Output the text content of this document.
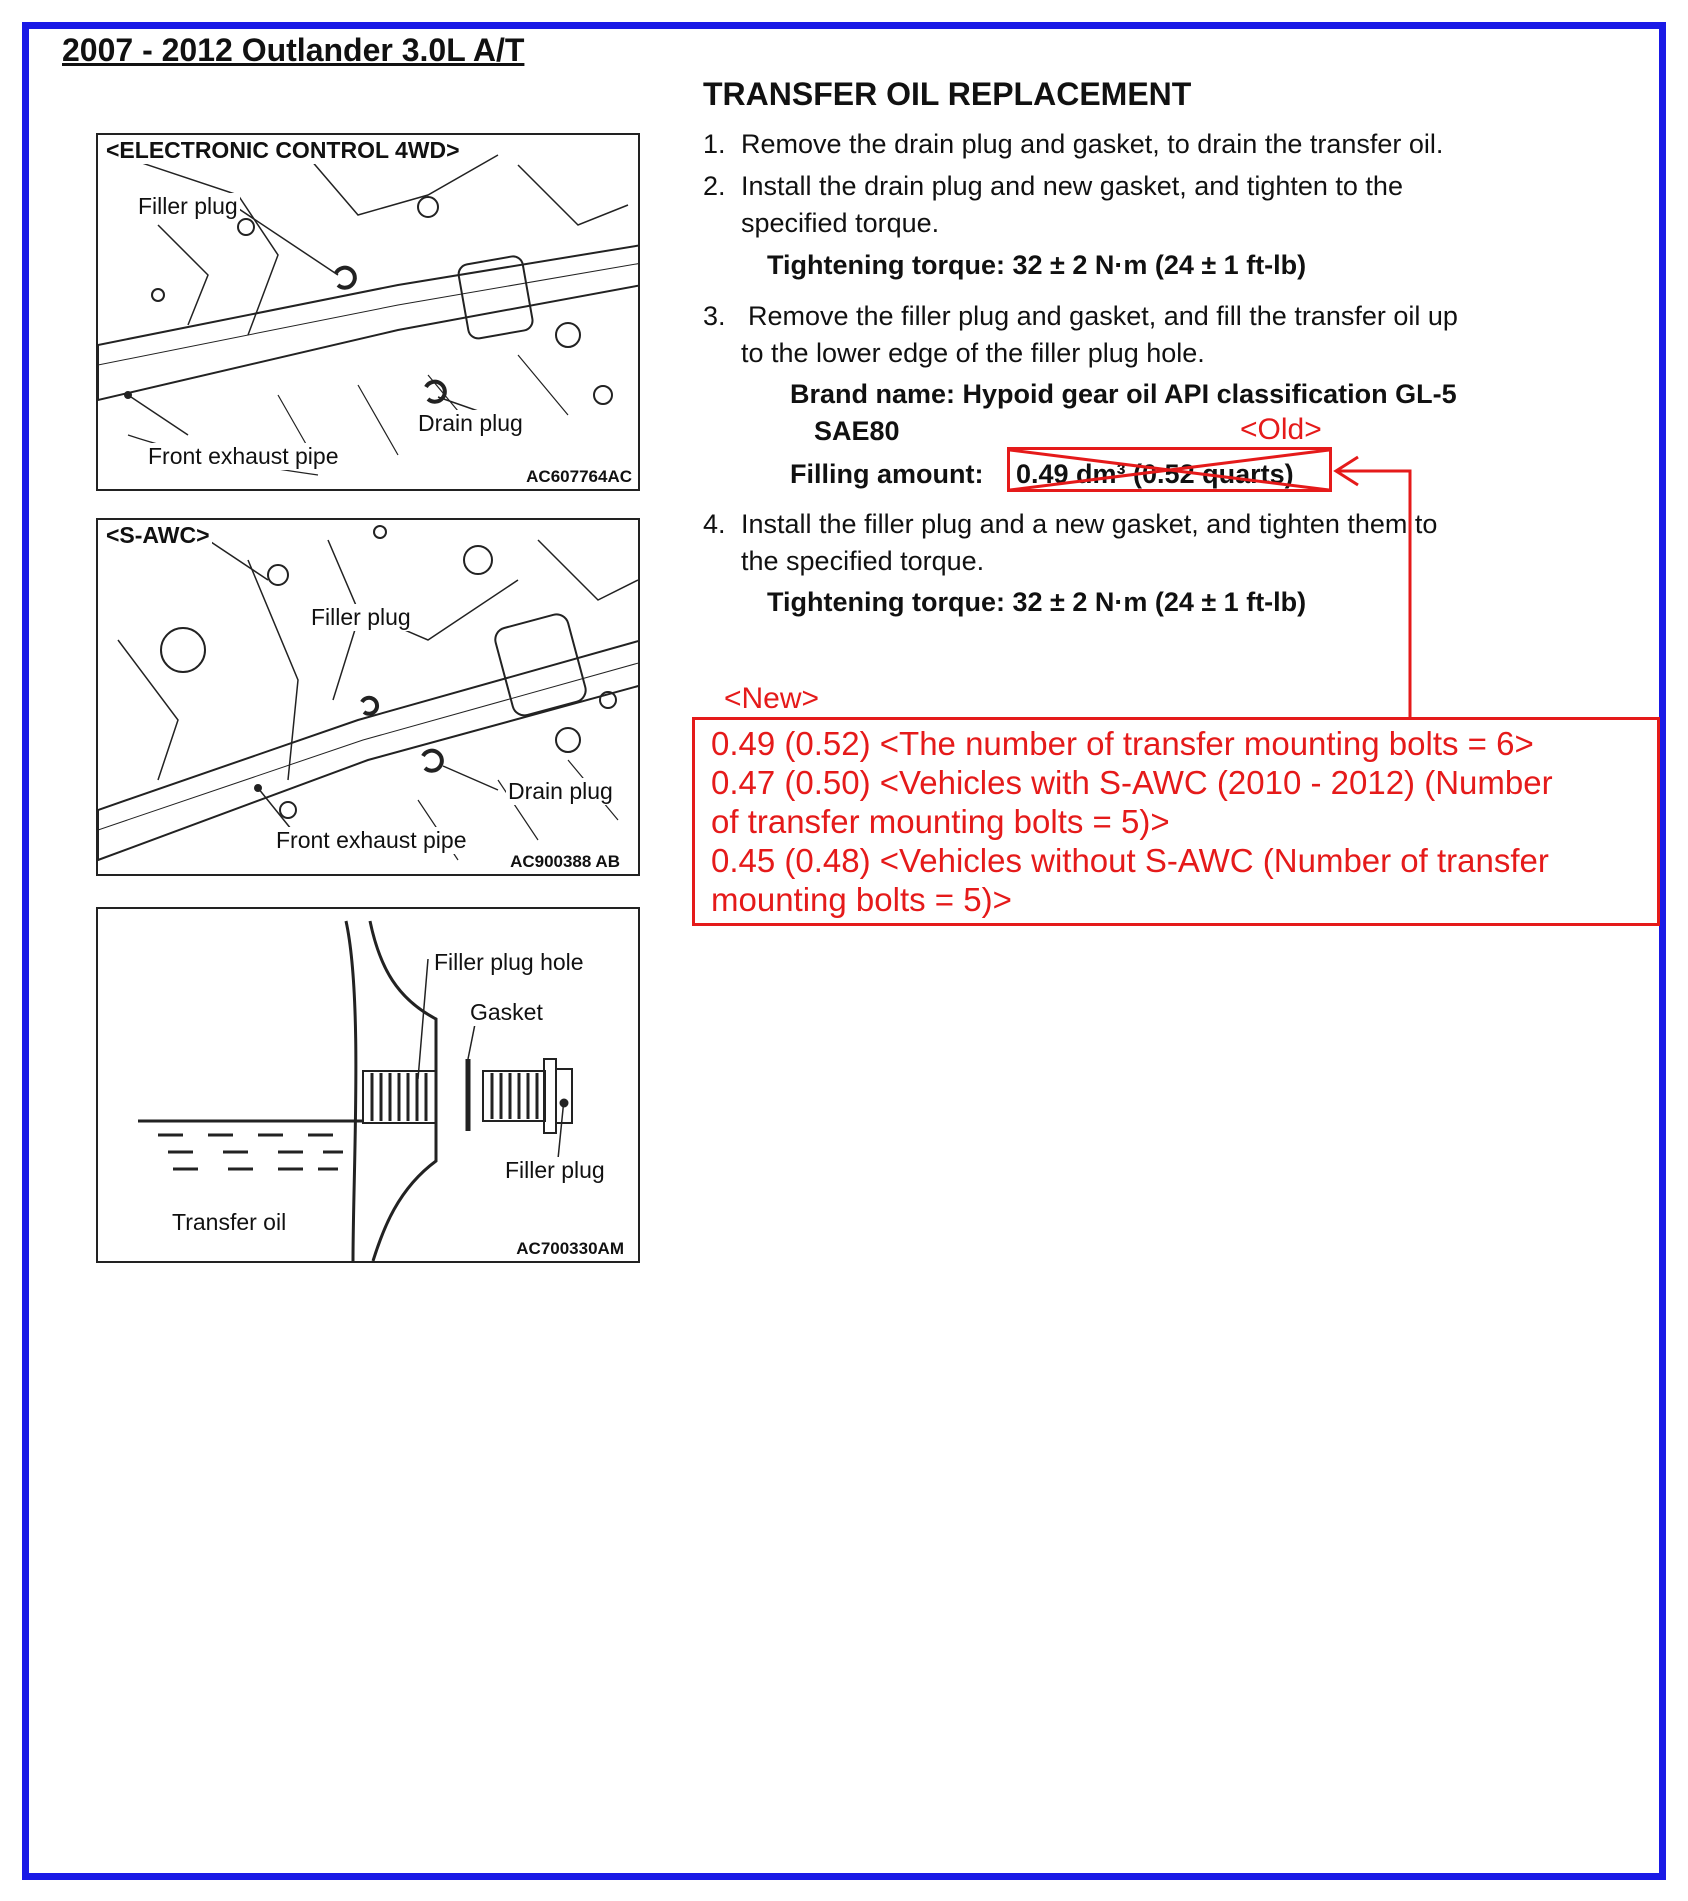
2007 - 2012 Outlander 3.0L A/T
TRANSFER OIL REPLACEMENT
1. Remove the drain plug and gasket, to drain the transfer oil.
2. Install the drain plug and new gasket, and tighten to the
specified torque.
Tightening torque: 32 ± 2 N·m (24 ± 1 ft-lb)
3. Remove the filler plug and gasket, and fill the transfer oil up
to the lower edge of the filler plug hole.
Brand name: Hypoid gear oil API classification GL-5
SAE80
Filling amount: 0.49 dm³ (0.52 quarts)
4. Install the filler plug and a new gasket, and tighten them to
the specified torque.
Tightening torque: 32 ± 2 N·m (24 ± 1 ft-lb)
<Old>
<New>
0.49 (0.52) <The number of transfer mounting bolts = 6>
0.47 (0.50) <Vehicles with S-AWC (2010 - 2012) (Number
of transfer mounting bolts = 5)>
0.45 (0.48) <Vehicles without S-AWC (Number of transfer
mounting bolts = 5)>
<ELECTRONIC CONTROL 4WD>
Filler plug
Drain plug
Front exhaust pipe
AC607764AC
<S-AWC>
Filler plug
Drain plug
Front exhaust pipe
AC900388 AB
Filler plug hole
Gasket
Filler plug
Transfer oil
AC700330AM
